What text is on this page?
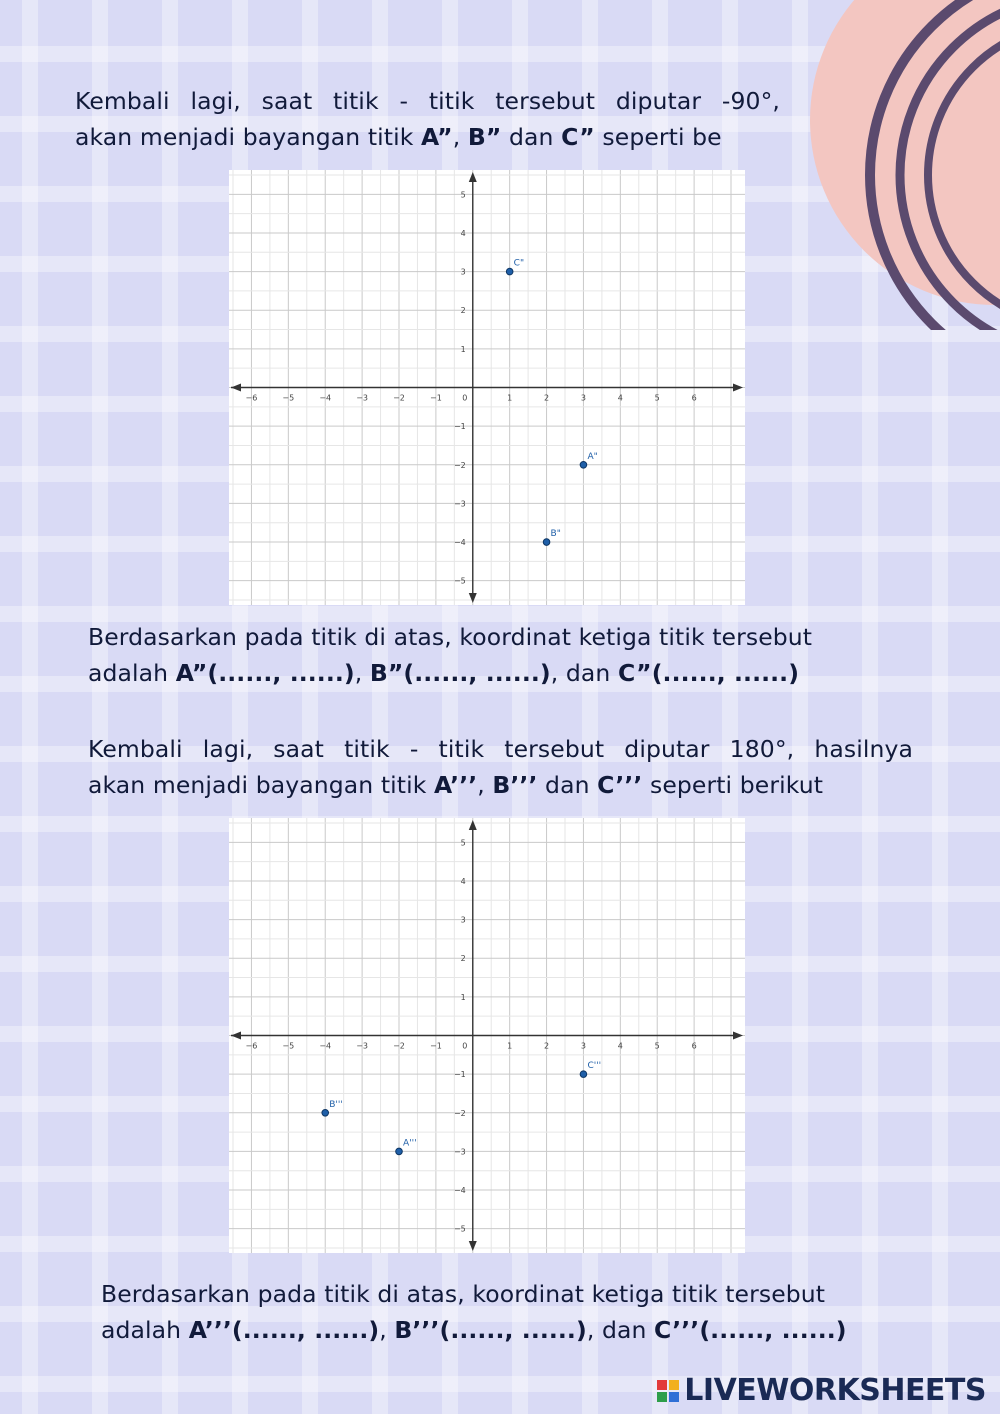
Kembali lagi, saat titik - titik tersebut diputar -90°,
akan menjadi bayangan titik A”, B” dan C” seperti be
−6	−5	−4	−3	−2	−1	0	1	2	3	4	5	6
−5
−4
−3
−2
−1
1
2
3
4
5
C"
A"
B"
Berdasarkan pada titik di atas, koordinat ketiga titik tersebut
adalah A”(......, ......), B”(......, ......), dan C”(......, ......)
Kembali lagi, saat titik - titik tersebut diputar 180°, hasilnya
akan menjadi bayangan titik A’’’, B’’’ dan C’’’ seperti berikut
−6	−5	−4	−3	−2	−1	0	1	2	3	4	5	6
−5
−4
−3
−2
−1
1
2
3
4
5
C'''
B'''
A'''
Berdasarkan pada titik di atas, koordinat ketiga titik tersebut
adalah A’’’(......, ......), B’’’(......, ......), dan C’’’(......, ......)
LIVEWORKSHEETS
